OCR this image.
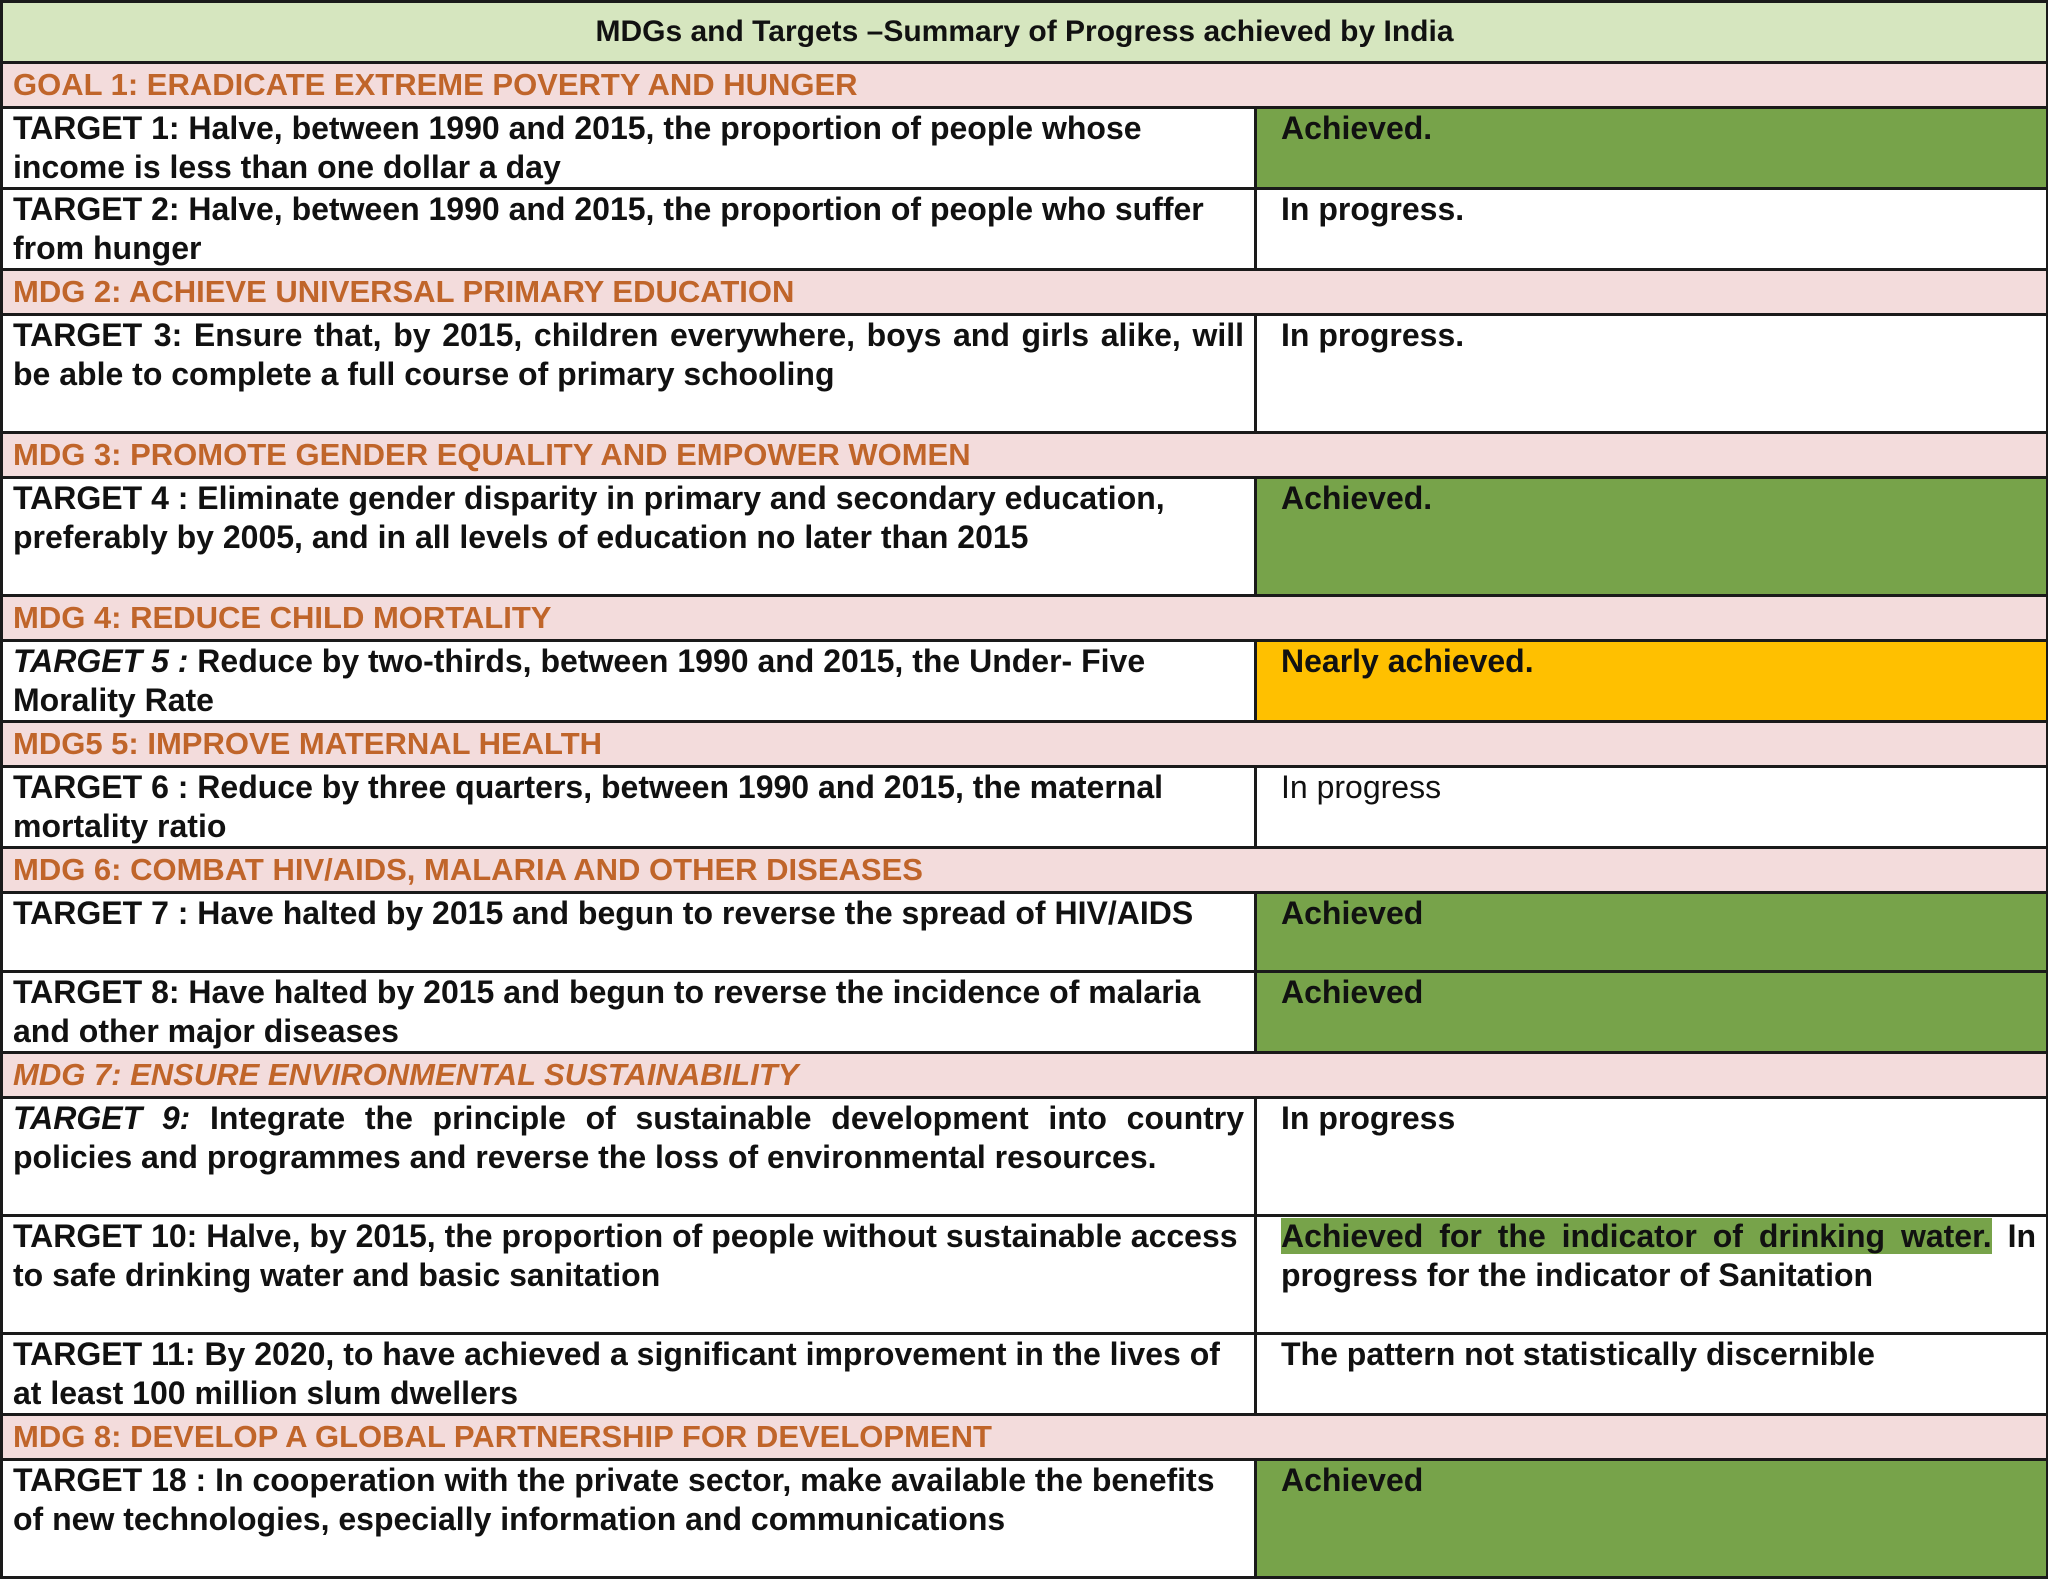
MDGs and Targets –Summary of Progress achieved by India	
GOAL 1: ERADICATE EXTREME POVERTY AND HUNGER	
TARGET 1: Halve, between 1990 and 2015, the proportion of people whose income is less than one dollar a day	Achieved.
TARGET 2: Halve, between 1990 and 2015, the proportion of people who suffer from hunger	In progress.
MDG 2: ACHIEVE UNIVERSAL PRIMARY EDUCATION	
TARGET 3: Ensure that, by 2015, children everywhere, boys and girls alike, will be able to complete a full course of primary schooling	In progress.
MDG 3: PROMOTE GENDER EQUALITY AND EMPOWER WOMEN	
TARGET 4 : Eliminate gender disparity in primary and secondary education, preferably by 2005, and in all levels of education no later than 2015	Achieved.
MDG 4: REDUCE CHILD MORTALITY	
TARGET 5 : Reduce by two-thirds, between 1990 and 2015, the Under- Five Morality Rate	Nearly achieved.
MDG5 5: IMPROVE MATERNAL HEALTH	
TARGET 6 : Reduce by three quarters, between 1990 and 2015, the maternal mortality ratio	In progress
MDG 6: COMBAT HIV/AIDS, MALARIA AND OTHER DISEASES	
TARGET 7 : Have halted by 2015 and begun to reverse the spread of HIV/AIDS	Achieved
TARGET 8: Have halted by 2015 and begun to reverse the incidence of malaria and other major diseases	Achieved
MDG 7: ENSURE ENVIRONMENTAL SUSTAINABILITY	
TARGET 9: Integrate the principle of sustainable development into country policies and programmes and reverse the loss of environmental resources.	In progress
TARGET 10: Halve, by 2015, the proportion of people without sustainable access to safe drinking water and basic sanitation	Achieved for the indicator of drinking water. In progress for the indicator of Sanitation
TARGET 11: By 2020, to have achieved a significant improvement in the lives of at least 100 million slum dwellers	The pattern not statistically discernible
MDG 8: DEVELOP A GLOBAL PARTNERSHIP FOR DEVELOPMENT	
TARGET 18 : In cooperation with the private sector, make available the benefits of new technologies, especially information and communications	Achieved
